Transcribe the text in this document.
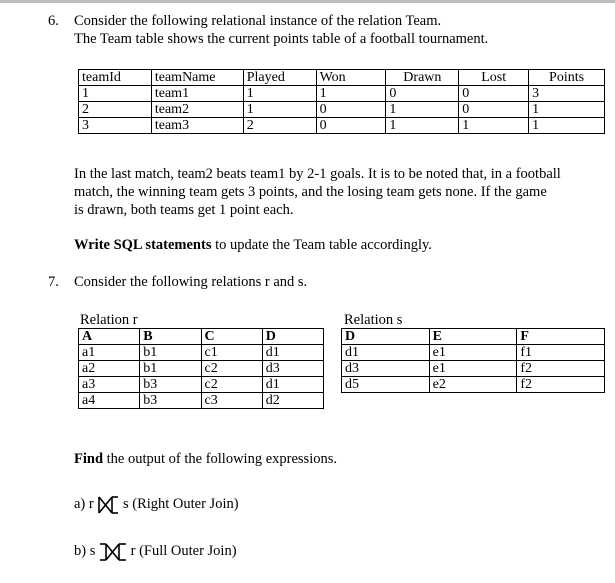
6. Consider the following relational instance of the relation Team.
The Team table shows the current points table of a football tournament.
teamId	teamName	Played	Won	Drawn	Lost	Points
1	team1	1	1	0	0	3
2	team2	1	0	1	0	1
3	team3	2	0	1	1	1
In the last match, team2 beats team1 by 2-1 goals. It is to be noted that, in a football
match, the winning team gets 3 points, and the losing team gets none. If the game
is drawn, both teams get 1 point each.
Write SQL statements to update the Team table accordingly.
7. Consider the following relations r and s.
Relation r
A	B	C	D
a1	b1	c1	d1
a2	b1	c2	d3
a3	b3	c2	d1
a4	b3	c3	d2
Relation s
D	E	F
d1	e1	f1
d3	e1	f2
d5	e2	f2
Find the output of the following expressions.
a) r s (Right Outer Join)
b) s r (Full Outer Join)
